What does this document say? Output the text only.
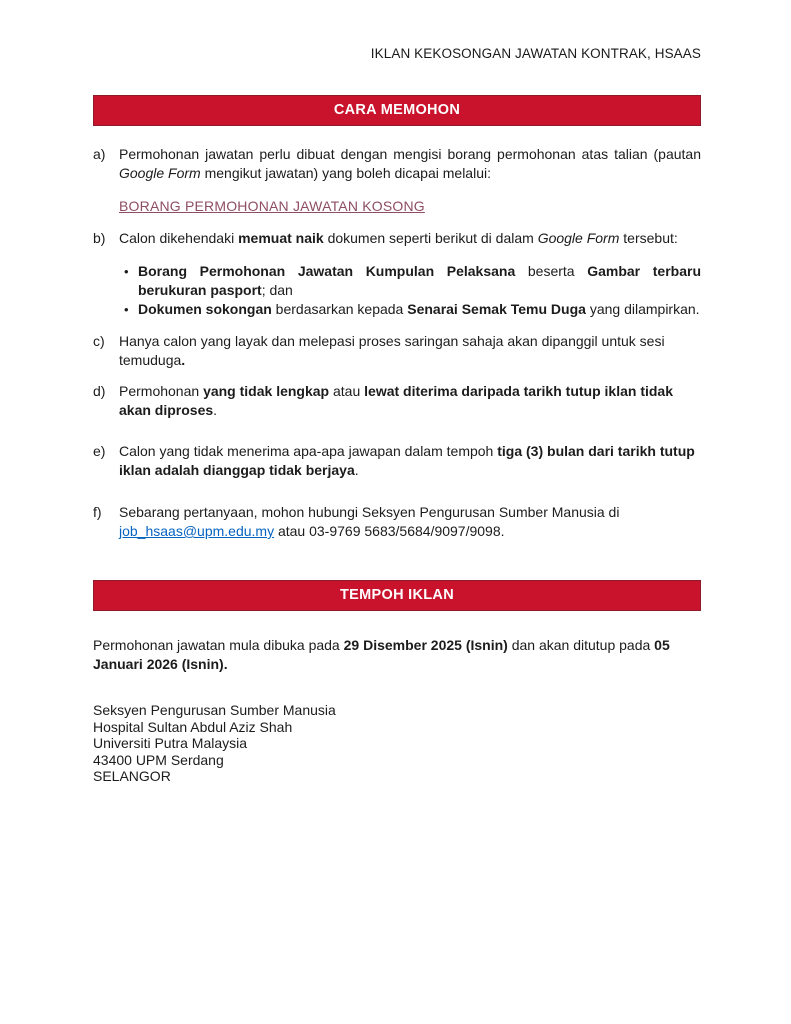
IKLAN KEKOSONGAN JAWATAN KONTRAK, HSAAS
CARA MEMOHON
a) Permohonan jawatan perlu dibuat dengan mengisi borang permohonan atas talian (pautan Google Form mengikut jawatan) yang boleh dicapai melalui:
BORANG PERMOHONAN JAWATAN KOSONG
b) Calon dikehendaki memuat naik dokumen seperti berikut di dalam Google Form tersebut:
• Borang Permohonan Jawatan Kumpulan Pelaksana beserta Gambar terbaru berukuran pasport; dan
• Dokumen sokongan berdasarkan kepada Senarai Semak Temu Duga yang dilampirkan.
c)	Hanya calon yang layak dan melepasi proses saringan sahaja akan dipanggil untuk sesi temuduga.
d) Permohonan yang tidak lengkap atau lewat diterima daripada tarikh tutup iklan tidak akan diproses.
e) Calon yang tidak menerima apa-apa jawapan dalam tempoh tiga (3) bulan dari tarikh tutup iklan adalah dianggap tidak berjaya.
f)	Sebarang pertanyaan, mohon hubungi Seksyen Pengurusan Sumber Manusia di job_hsaas@upm.edu.my atau 03-9769 5683/5684/9097/9098.
TEMPOH IKLAN
Permohonan jawatan mula dibuka pada 29 Disember 2025 (Isnin) dan akan ditutup pada 05 Januari 2026 (Isnin).
Seksyen Pengurusan Sumber Manusia
Hospital Sultan Abdul Aziz Shah
Universiti Putra Malaysia
43400 UPM Serdang
SELANGOR
